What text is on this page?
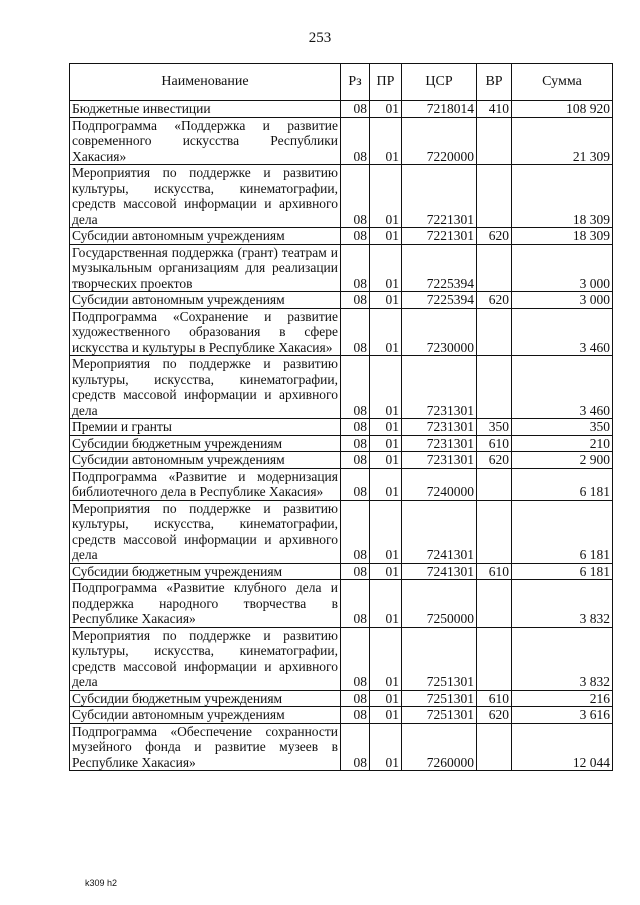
253
Наименование	Рз	ПР	ЦСР	ВР	Сумма
Бюджетные инвестиции	08	01	7218014	410	108 920
Подпрограмма «Поддержка и развитие современного искусства Республики Хакасия»	08	01	7220000		21 309
Мероприятия по поддержке и развитию культуры, искусства, кинематографии, средств массовой информации и архивного дела	08	01	7221301		18 309
Субсидии автономным учреждениям	08	01	7221301	620	18 309
Государственная поддержка (грант) театрам и музыкальным организациям для реализации творческих проектов	08	01	7225394		3 000
Субсидии автономным учреждениям	08	01	7225394	620	3 000
Подпрограмма «Сохранение и развитие художественного образования в сфере искусства и культуры в Республике Хакасия»	08	01	7230000		3 460
Мероприятия по поддержке и развитию культуры, искусства, кинематографии, средств массовой информации и архивного дела	08	01	7231301		3 460
Премии и гранты	08	01	7231301	350	350
Субсидии бюджетным учреждениям	08	01	7231301	610	210
Субсидии автономным учреждениям	08	01	7231301	620	2 900
Подпрограмма «Развитие и модернизация библиотечного дела в Республике Хакасия»	08	01	7240000		6 181
Мероприятия по поддержке и развитию культуры, искусства, кинематографии, средств массовой информации и архивного дела	08	01	7241301		6 181
Субсидии бюджетным учреждениям	08	01	7241301	610	6 181
Подпрограмма «Развитие клубного дела и поддержка народного творчества в Республике Хакасия»	08	01	7250000		3 832
Мероприятия по поддержке и развитию культуры, искусства, кинематографии, средств массовой информации и архивного дела	08	01	7251301		3 832
Субсидии бюджетным учреждениям	08	01	7251301	610	216
Субсидии автономным учреждениям	08	01	7251301	620	3 616
Подпрограмма «Обеспечение сохранности музейного фонда и развитие музеев в Республике Хакасия»	08	01	7260000		12 044
k309 h2
